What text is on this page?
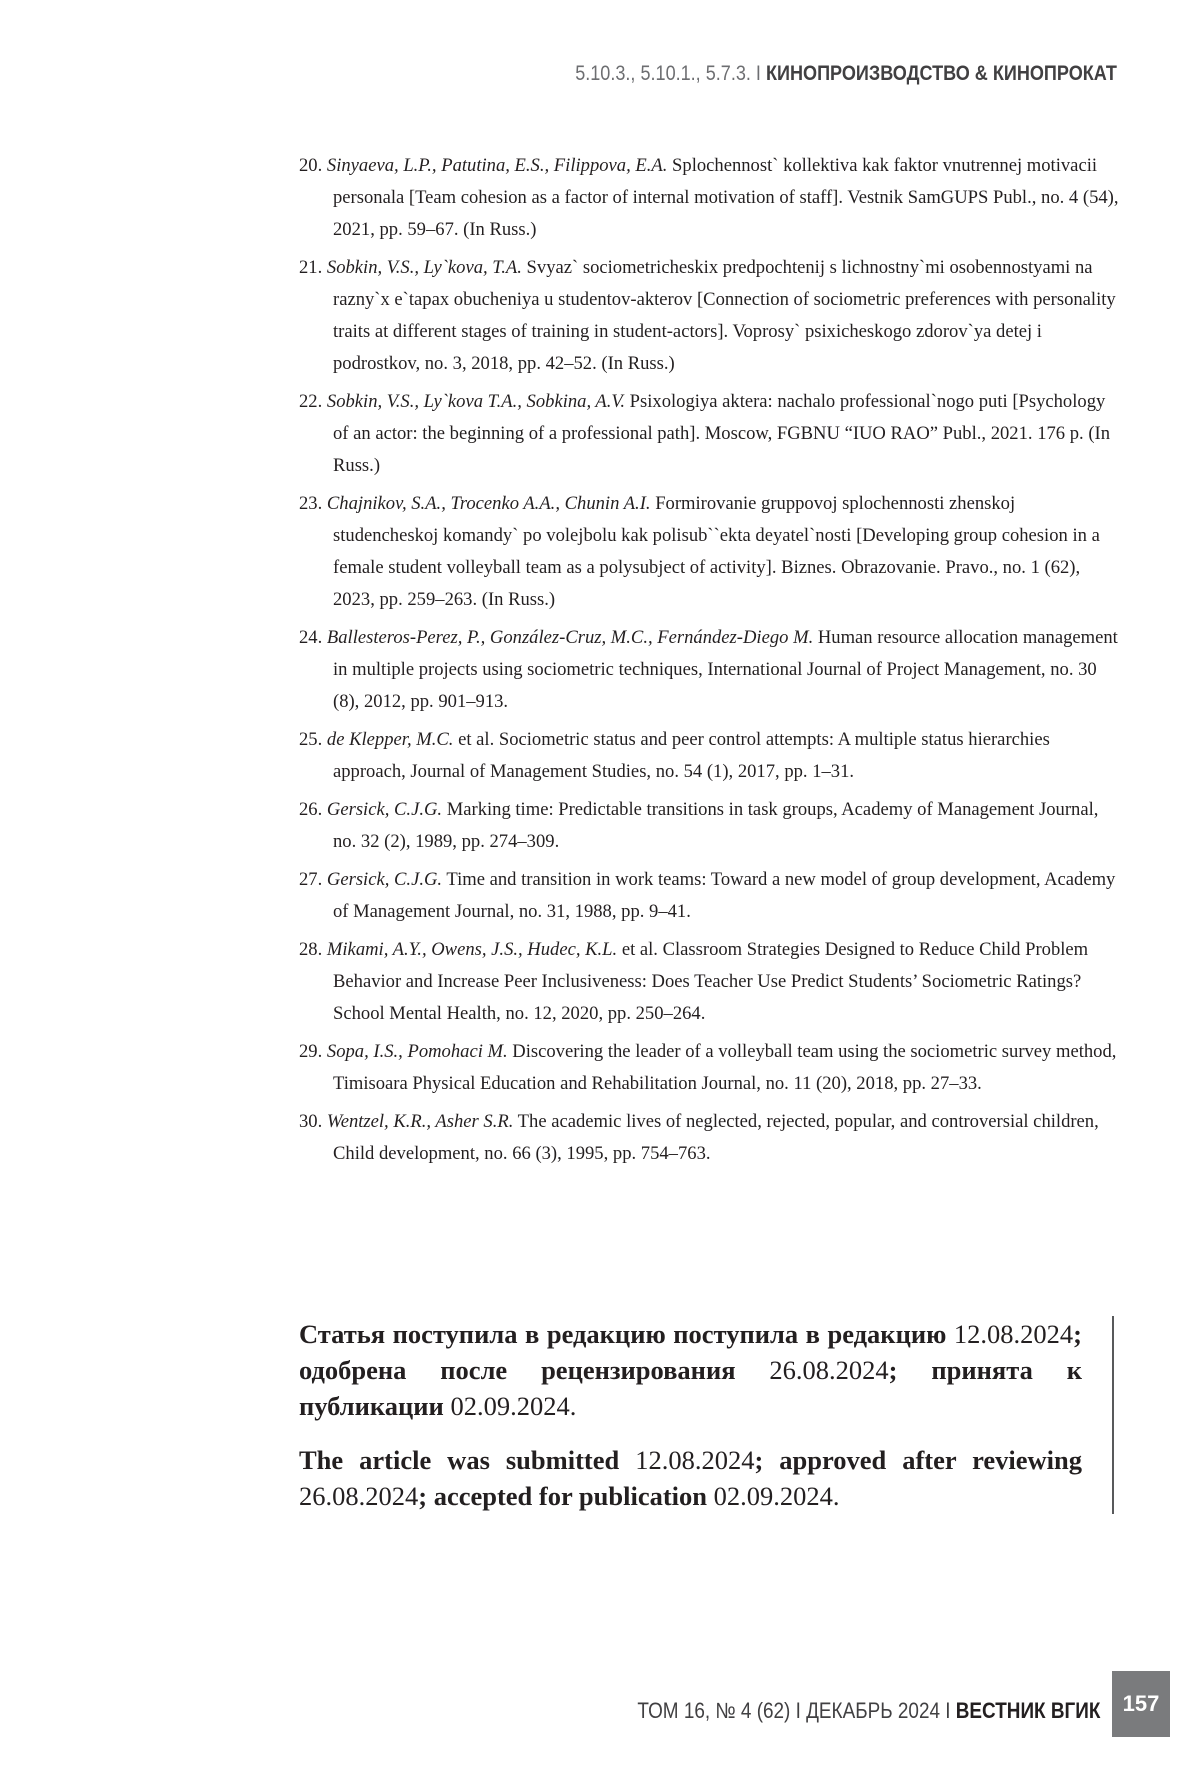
5.10.3., 5.10.1., 5.7.3. I КИНОПРОИЗВОДСТВО & КИНОПРОКАТ
20. Sinyaeva, L.P., Patutina, E.S., Filippova, E.A. Splochennost` kollektiva kak faktor vnutrennej motivacii personala [Team cohesion as a factor of internal motivation of staff]. Vestnik SamGUPS Publ., no. 4 (54), 2021, pp. 59–67. (In Russ.)
21. Sobkin, V.S., Ly`kova, T.A. Svyaz` sociometricheskix predpochtenij s lichnostny`mi osobennostyami na razny`x e`tapax obucheniya u studentov-akterov [Connection of sociometric preferences with personality traits at different stages of training in student-actors]. Voprosy` psixicheskogo zdorov`ya detej i podrostkov, no. 3, 2018, pp. 42–52. (In Russ.)
22. Sobkin, V.S., Ly`kova T.A., Sobkina, A.V. Psixologiya aktera: nachalo professional`nogo puti [Psychology of an actor: the beginning of a professional path]. Moscow, FGBNU “IUO RAO” Publ., 2021. 176 p. (In Russ.)
23. Chajnikov, S.A., Trocenko A.A., Chunin A.I. Formirovanie gruppovoj splochennosti zhenskoj studencheskoj komandy` po volejbolu kak polisub``ekta deyatel`nosti [Developing group cohesion in a female student volleyball team as a polysubject of activity]. Biznes. Obrazovanie. Pravo., no. 1 (62), 2023, pp. 259–263. (In Russ.)
24. Ballesteros-Perez, P., González-Cruz, M.C., Fernández-Diego M. Human resource allocation management in multiple projects using sociometric techniques, International Journal of Project Management, no. 30 (8), 2012, pp. 901–913.
25. de Klepper, M.C. et al. Sociometric status and peer control attempts: A multiple status hierarchies approach, Journal of Management Studies, no. 54 (1), 2017, pp. 1–31.
26. Gersick, C.J.G. Marking time: Predictable transitions in task groups, Academy of Management Journal, no. 32 (2), 1989, pp. 274–309.
27. Gersick, C.J.G. Time and transition in work teams: Toward a new model of group development, Academy of Management Journal, no. 31, 1988, pp. 9–41.
28. Mikami, A.Y., Owens, J.S., Hudec, K.L. et al. Classroom Strategies Designed to Reduce Child Problem Behavior and Increase Peer Inclusiveness: Does Teacher Use Predict Students’ Sociometric Ratings? School Mental Health, no. 12, 2020, pp. 250–264.
29. Sopa, I.S., Pomohaci M. Discovering the leader of a volleyball team using the sociometric survey method, Timisoara Physical Education and Rehabilitation Journal, no. 11 (20), 2018, pp. 27–33.
30. Wentzel, K.R., Asher S.R. The academic lives of neglected, rejected, popular, and controversial children, Child development, no. 66 (3), 1995, pp. 754–763.

Статья поступила в редакцию поступила в редакцию 12.08.2024; одобрена после рецензирования 26.08.2024; принята к публикации 02.09.2024.

The article was submitted 12.08.2024; approved after reviewing 26.08.2024; accepted for publication 02.09.2024.

ТОМ 16, № 4 (62) I ДЕКАБРЬ 2024 I ВЕСТНИК ВГИК	157
